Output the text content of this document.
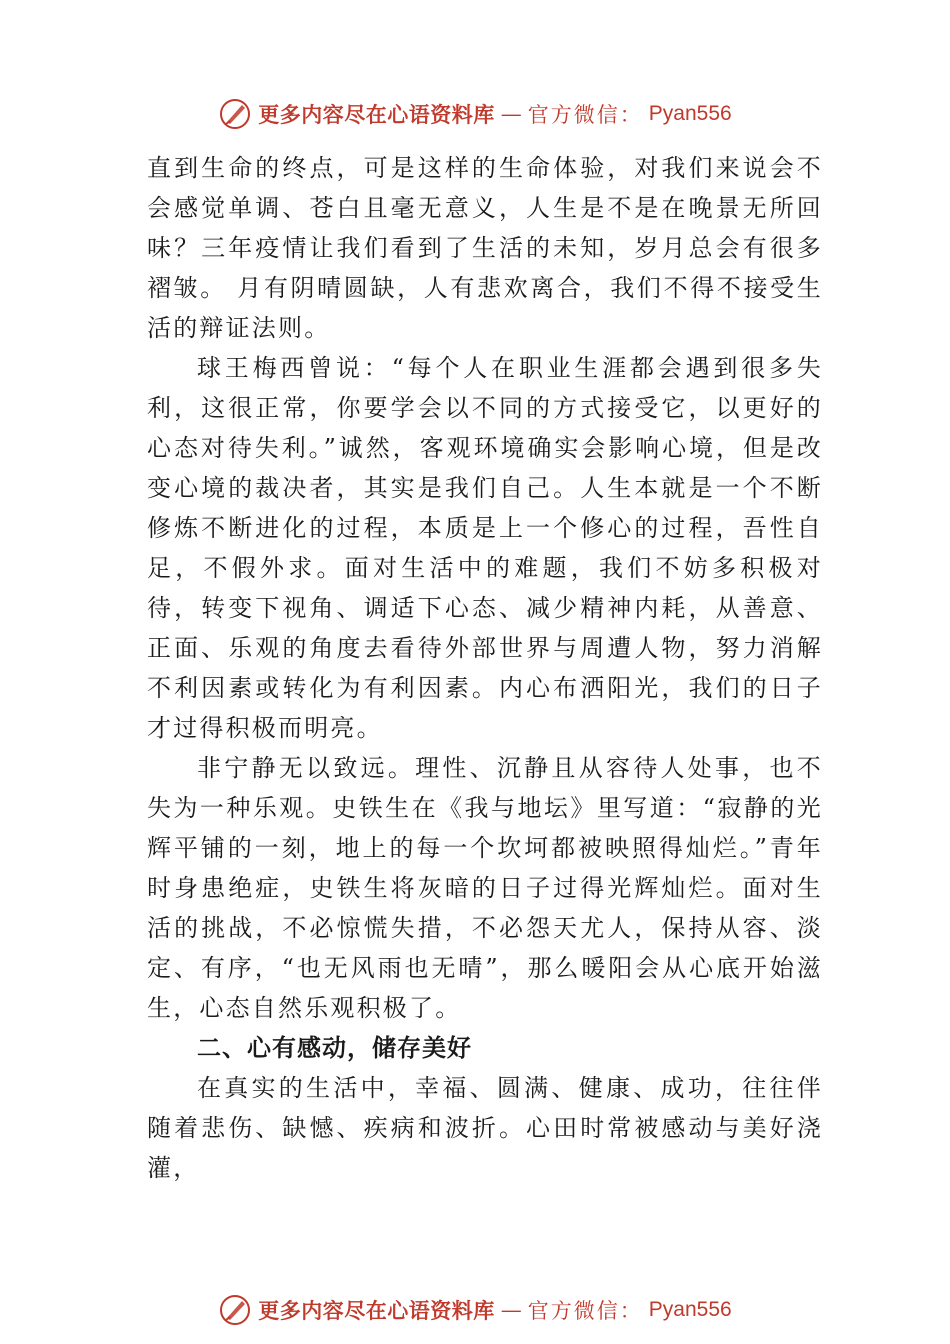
更多内容尽在心语资料库 — 官方微信： Pyan556

直到生命的终点，可是这样的生命体验，对我们来说会不会感觉单调、苍白且毫无意义，人生是不是在晚景无所回味？三年疫情让我们看到了生活的未知，岁月总会有很多褶皱。 月有阴晴圆缺，人有悲欢离合，我们不得不接受生活的辩证法则。

球王梅西曾说：“每个人在职业生涯都会遇到很多失利，这很正常，你要学会以不同的方式接受它，以更好的心态对待失利。”诚然，客观环境确实会影响心境，但是改变心境的裁决者，其实是我们自己。人生本就是一个不断修炼不断进化的过程，本质是上一个修心的过程，吾性自足，不假外求。面对生活中的难题，我们不妨多积极对待，转变下视角、调适下心态、减少精神内耗，从善意、正面、乐观的角度去看待外部世界与周遭人物，努力消解不利因素或转化为有利因素。内心布洒阳光，我们的日子才过得积极而明亮。

非宁静无以致远。理性、沉静且从容待人处事，也不失为一种乐观。史铁生在《我与地坛》里写道：“寂静的光辉平铺的一刻，地上的每一个坎坷都被映照得灿烂。”青年时身患绝症，史铁生将灰暗的日子过得光辉灿烂。面对生活的挑战，不必惊慌失措，不必怨天尤人，保持从容、淡定、有序，“也无风雨也无晴”，那么暖阳会从心底开始滋生，心态自然乐观积极了。

二、心有感动，储存美好

在真实的生活中，幸福、圆满、健康、成功，往往伴随着悲伤、缺憾、疾病和波折。心田时常被感动与美好浇灌，

更多内容尽在心语资料库 — 官方微信： Pyan556
